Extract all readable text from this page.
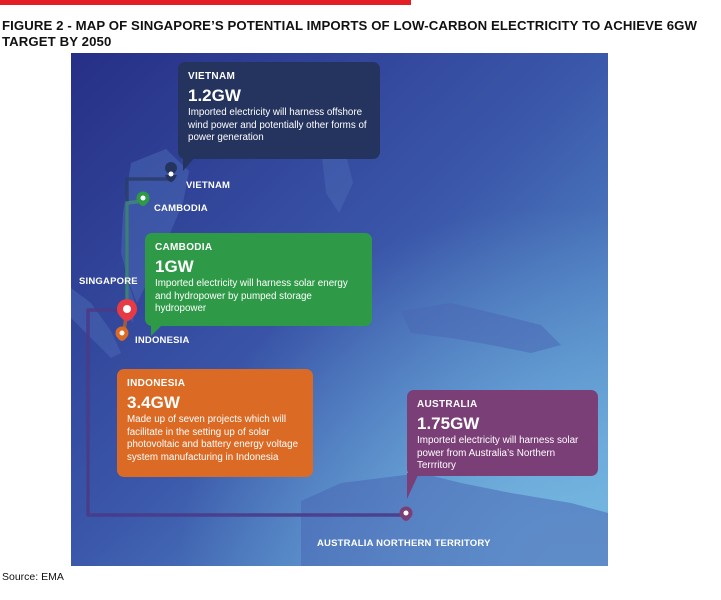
FIGURE 2 - MAP OF SINGAPORE’S POTENTIAL IMPORTS OF LOW-CARBON ELECTRICITY TO ACHIEVE 6GW TARGET BY 2050
VIETNAM
CAMBODIA
SINGAPORE
INDONESIA
AUSTRALIA NORTHERN TERRITORY
VIETNAM
1.2GW
Imported electricity will harness offshore wind power and potentially other forms of power generation
CAMBODIA
1GW
Imported electricity will harness solar energy and hydropower by pumped storage hydropower
INDONESIA
3.4GW
Made up of seven projects which will facilitate in the setting up of solar photovoltaic and battery energy voltage system manufacturing in Indonesia
AUSTRALIA
1.75GW
Imported electricity will harness solar power from Australia’s Northern Terrritory
Source: EMA
